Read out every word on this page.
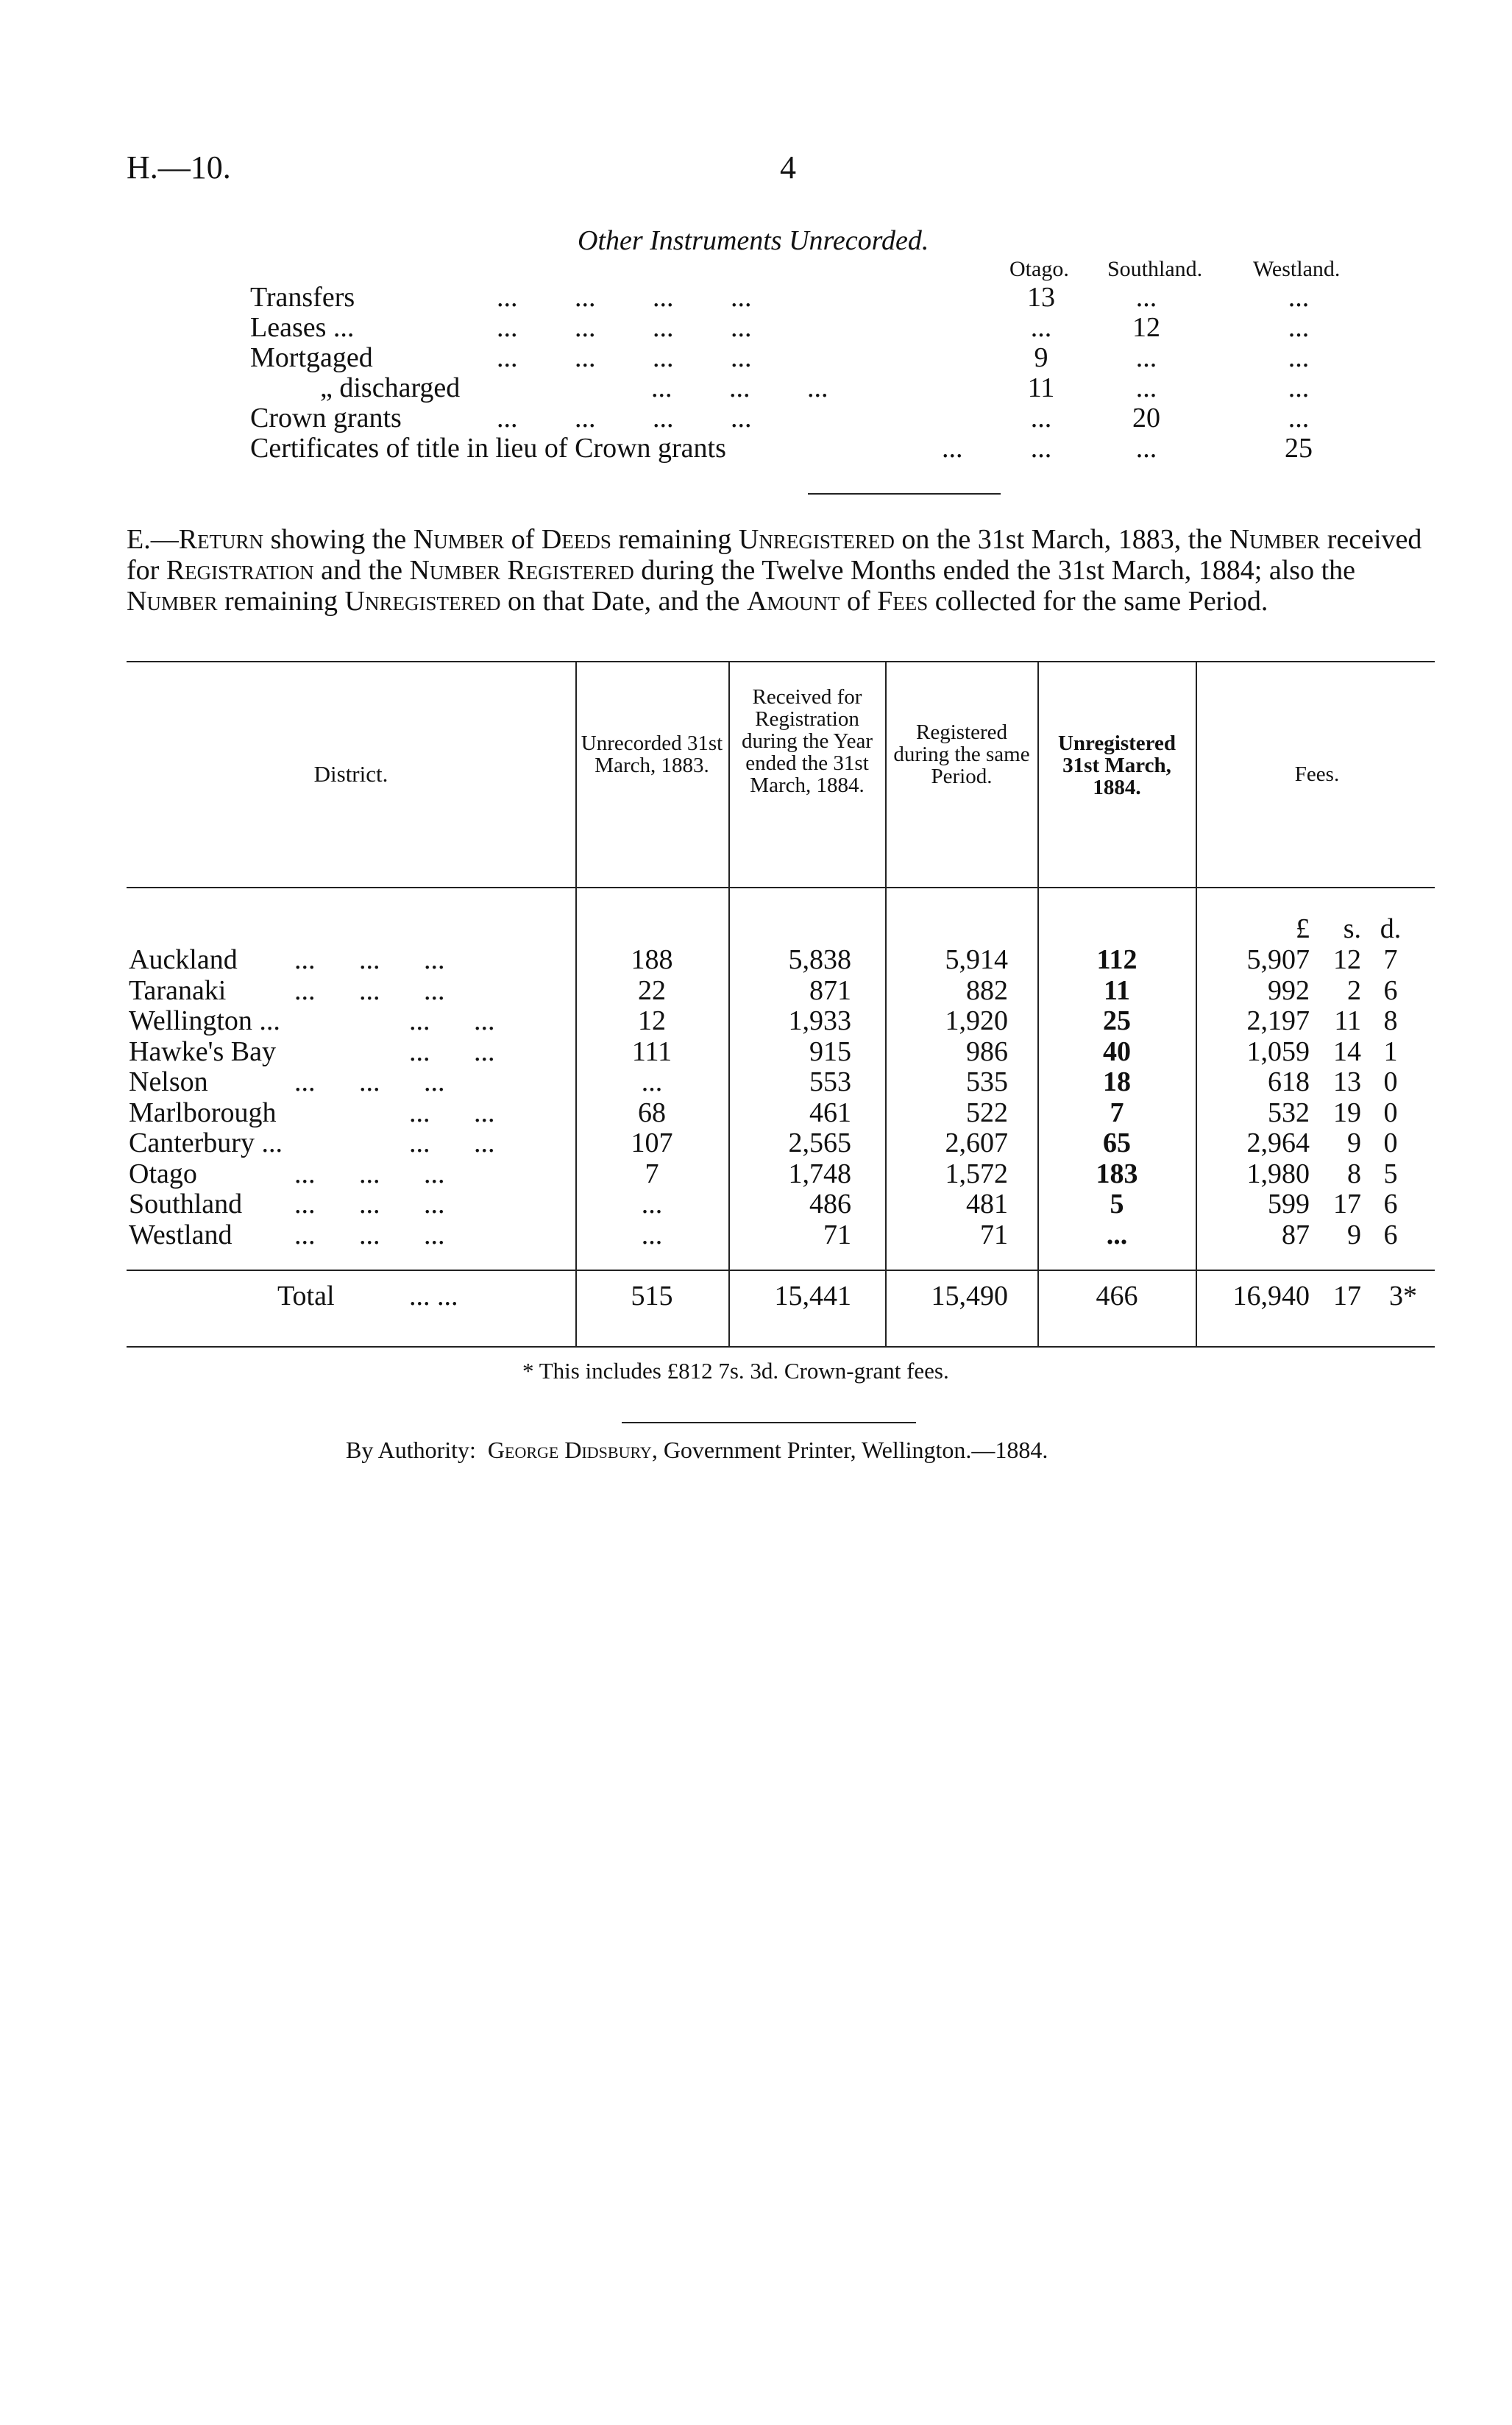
H.—10.	4
Other Instruments Unrecorded.
Otago. Southland. Westland.
Transfers	... ... ... ...	13	...	...
Leases ...	... ... ... ...	...	12	...
Mortgaged	... ... ... ...	9	...	...
„ discharged	... ... ...	11	...	...
Crown grants	... ... ... ...	...	20	...
Certificates of title in lieu of Crown grants	...	...	...	25
E.—Return showing the Number of Deeds remaining Unregistered on the 31st March, 1883, the Number received for Registration and the Number Registered during the Twelve Months ended the 31st March, 1884; also the Number remaining Unregistered on that Date, and the Amount of Fees collected for the same Period.
District.
Unrecorded 31st March, 1883.
Received for Registration during the Year ended the 31st March, 1884.
Registered during the same Period.
Unregistered 31st March, 1884.
Fees.
£	s. d.
Auckland ... ... ...	188	5,838	5,914	112	5,907 12 7
Taranaki ... ... ...	22	871	882	11	992	2 6
Wellington ...	... ...	12	1,933	1,920	25	2,197 11 8
Hawke's Bay	... ...	111	915	986	40	1,059 14 1
Nelson	... ... ...	...	553	535	18	618 13 0
Marlborough	... ...	68	461	522	7	532 19 0
Canterbury ...	... ...	107	2,565	2,607	65	2,964	9 0
Otago	... ... ...	7	1,748	1,572	183	1,980	8 5
Southland ... ... ...	...	486	481	5	599 17 6
Westland ... ... ...	...	71	71	...	87	9 6
Total	... ...	515	15,441	15,490	466	16,940 17 3*
* This includes £812 7s. 3d. Crown-grant fees.
By Authority: George Didsbury, Government Printer, Wellington.—1884.
